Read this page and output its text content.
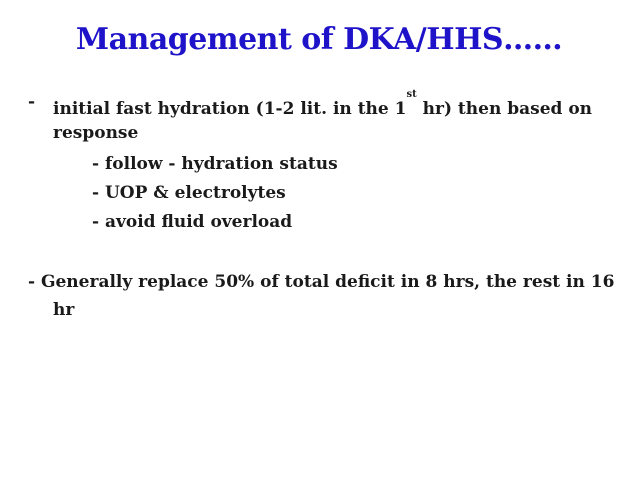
Management of DKA/HHS……
- initial fast hydration (1-2 lit. in the 1st hr) then based on
response
- follow - hydration status
- UOP & electrolytes
- avoid fluid overload
- Generally replace 50% of total deficit in 8 hrs, the rest in 16
hr
